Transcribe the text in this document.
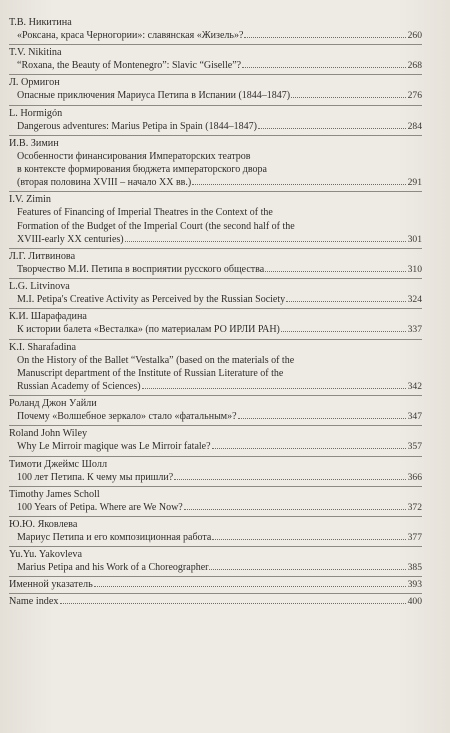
Т.В. Никитина
«Роксана, краса Черногории»: славянская «Жизель»?	260
T.V. Nikitina
“Roxana, the Beauty of Montenegro”: Slavic “Giselle”?	268
Л. Ормигон
Опасные приключения Мариуса Петипа в Испании (1844–1847)	276
L. Hormigón
Dangerous adventures: Marius Petipa in Spain (1844–1847)	284
И.В. Зимин
Особенности финансирования Императорских театров
в контексте формирования бюджета императорского двора
(вторая половина XVIII – начало XX вв.)	291
I.V. Zimin
Features of Financing of Imperial Theatres in the Context of the
Formation of the Budget of the Imperial Court (the second half of the
XVIII-early XX centuries)	301
Л.Г. Литвинова
Творчество М.И. Петипа в восприятии русского общества	310
L.G. Litvinova
M.I. Petipa's Creative Activity as Perceived by the Russian Society	324
К.И. Шарафадина
К истории балета «Весталка» (по материалам РО ИРЛИ РАН)	337
K.I. Sharafadina
On the History of the Ballet “Vestalka” (based on the materials of the
Manuscript department of the Institute of Russian Literature of the
Russian Academy of Sciences)	342
Роланд Джон Уайли
Почему «Волшебное зеркало» стало «фатальным»?	347
Roland John Wiley
Why Le Mirroir magique was Le Mirroir fatale?	357
Тимоти Джеймс Шолл
100 лет Петипа. К чему мы пришли?	366
Timothy James Scholl
100 Years of Petipa. Where are We Now?	372
Ю.Ю. Яковлева
Мариус Петипа и его композиционная работа	377
Yu.Yu. Yakovleva
Marius Petipa and his Work of a Choreographer	385
Именной указатель	393
Name index	400
